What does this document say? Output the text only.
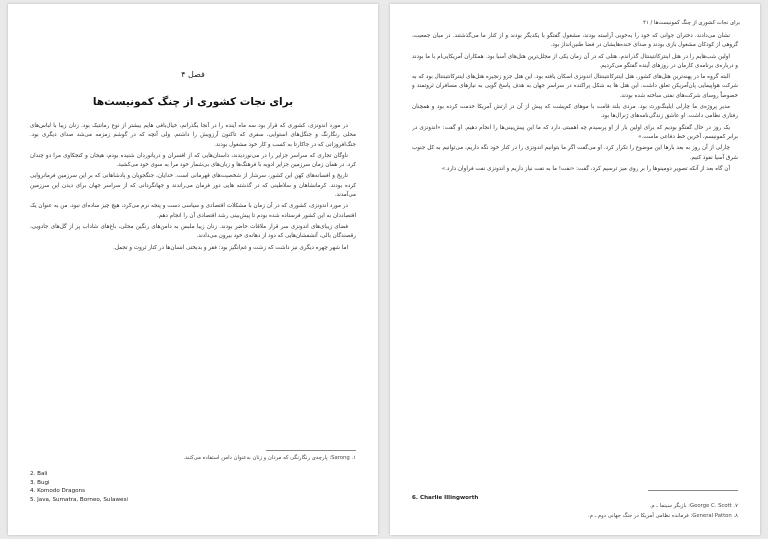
فصل ۴
برای نجات کشوری از چنگ کمونیست‌ها

در مورد اندونزی، کشوری که قرار بود سه ماه آینده را در آنجا بگذرانم، خیال‌بافی هایم بیشتر از نوع رمانتیک بود. زنان زیبا با لباس‌های محلی رنگارنگ و جنگل‌های استوایی، سفری که تاکنون آرزویش را داشتم. ولی آنچه که در گوشم زمزمه می‌شد صدای دیگری بود. جنگ‌افروزانی که در جاکارتا به کسب و کار خود مشغول بودند.

ناوگان تجاری که سراسر جزایر را در می‌نوردیدند، داستان‌هایی که از افسران و دریانوردان شنیده بودم، هیجان و کنجکاوی مرا دو چندان کرد. در همان زمان سرزمین جزایر ادویه با فرهنگ‌ها و زبان‌های بی‌شمار خود مرا به سوی خود می‌کشید.

تاریخ و افسانه‌های کهن این کشور، سرشار از شخصیت‌های قهرمانی است. خدایان، جنگجویان و پادشاهانی که بر این سرزمین فرمانروایی کرده بودند. کرمانشاهان و سلاطینی که در گذشته هایی دور فرمان می‌راندند و جهانگردانی که از سراسر جهان برای دیدن این سرزمین می‌آمدند.

در مورد اندونزی، کشوری که در آن زمان با مشکلات اقتصادی و سیاسی دست و پنجه نرم می‌کرد، هیچ چیز ساده‌ای نبود. من به عنوان یک اقتصاددان به این کشور فرستاده شده بودم تا پیش‌بینی رشد اقتصادی آن را انجام دهم.

فضای زیبای‌های اندونزی سر قرار ملاقات حاضر بودند. زنان زیبا ملبس به دامن‌های رنگین محلی، باغ‌های شاداب پر از گل‌های جادویی، رقصندگان بالی، آتشفشان‌هایی که دود از دهانه‌ی خود بیرون می‌دادند.

اما شهر چهره دیگری نیز داشت که زشت و غم‌انگیز بود: فقر و بدبختی انسان‌ها در کنار ثروت و تجمل.

۱. Sarong: پارچه‌ی رنگارنگی که مردان و زنان به‌عنوان دامن استفاده می‌کنند.
2. Bali
3. Bugi
4. Komodo Dragons
5. Java, Sumatra, Borneo, Sulawesi
برای نجات کشوری از چنگ کمونیست‌ها / ۴۱

نشان می‌دادند. دختران جوانی که خود را به‌خوبی آراسته بودند، مشغول گفتگو با یکدیگر بودند و از کنار ما می‌گذشتند. در میان جمعیت، گروهی از کودکان مشغول بازی بودند و صدای خنده‌هایشان در فضا طنین‌انداز بود.

اولین شب‌هایم را در هتل اینترکانتیننتال گذراندم. هتلی که در آن زمان یکی از مجلل‌ترین هتل‌های آسیا بود. همکاران آمریکایی‌ام با ما بودند و درباره‌ی برنامه‌ی کارمان در روزهای آینده گفتگو می‌کردیم.

البته گروه ما در پهنه‌ترین هتل‌های کشور، هتل اینترکانتیننتال اندونزی اسکان یافته بود. این هتل جزو زنجیره هتل‌های اینترکانتیننتال بود که به شرکت هواپیمایی پان‌آمریکن تعلق داشت. این هتل ها به شکل پراکنده در سراسر جهان به هدف پاسخ گویی به نیازهای مسافران ثروتمند و خصوصاً روسای شرکت‌های نفتی ساخته شده بودند.

مدیر پروژه‌ی ما چارلی ایلینگ‌ورث بود. مردی بلند قامت با موهای کم‌پشت که پیش از آن در ارتش آمریکا خدمت کرده بود و همچنان رفتاری نظامی داشت. او عاشق زندگی‌نامه‌های ژنرال‌ها بود.

یک روز در حال گفتگو بودیم که برای اولین بار از او پرسیدم چه اهمیتی دارد که ما این پیش‌بینی‌ها را انجام دهیم. او گفت: «اندونزی در برابر کمونیسم، آخرین خط دفاعی ماست.»

چارلی از آن روز به بعد بارها این موضوع را تکرار کرد. او می‌گفت اگر ما بتوانیم اندونزی را در کنار خود نگه داریم، می‌توانیم به کل جنوب شرق آسیا نفوذ کنیم.

آن گاه بعد از آنکه تصویر دومینوها را بر روی میز ترسیم کرد، گفت: «نفت! ما به نفت نیاز داریم و اندونزی نفت فراوان دارد.»

6. Charlie Illingworth
۷. George C. Scott: بازیگر سینما ـ م.
۸. General Patton: فرمانده نظامی آمریکا در جنگ جهانی دوم ـ م.
